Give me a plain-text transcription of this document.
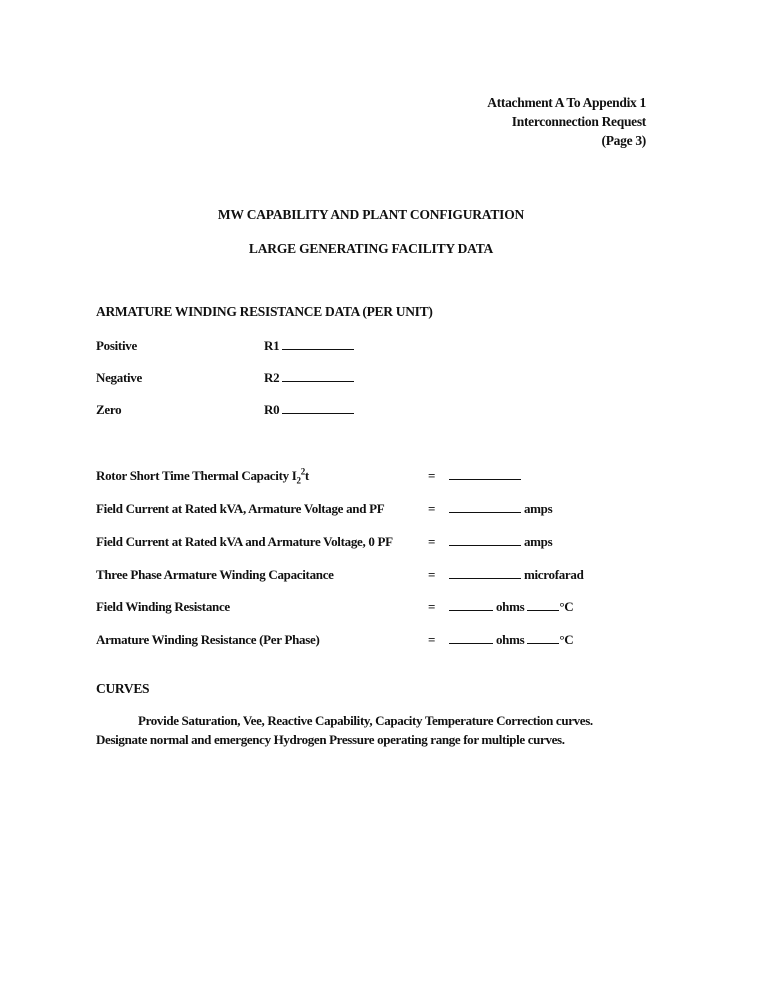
Attachment A To Appendix 1
Interconnection Request
(Page 3)
MW CAPABILITY AND PLANT CONFIGURATION
LARGE GENERATING FACILITY DATA
ARMATURE WINDING RESISTANCE DATA (PER UNIT)
Positive	R1
Negative	R2
Zero	R0
Rotor Short Time Thermal Capacity $I_2^2t$	=
Field Current at Rated kVA, Armature Voltage and PF	=	amps
Field Current at Rated kVA and Armature Voltage, 0 PF	=	amps
Three Phase Armature Winding Capacitance	=	microfarad
Field Winding Resistance	=	ohms	°C
Armature Winding Resistance (Per Phase)	=	ohms	°C
CURVES
Provide Saturation, Vee, Reactive Capability, Capacity Temperature Correction curves.
Designate normal and emergency Hydrogen Pressure operating range for multiple curves.
